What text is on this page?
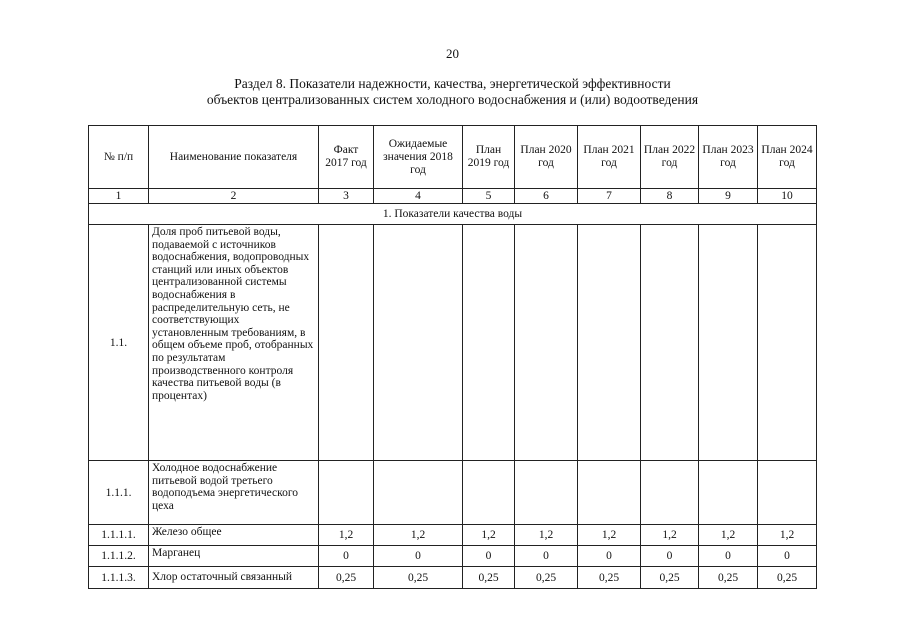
20
Раздел 8. Показатели надежности, качества, энергетической эффективности
объектов централизованных систем холодного водоснабжения и (или) водоотведения
№ п/п	Наименование показателя	Факт 2017 год	Ожидаемые значения 2018 год	План 2019 год	План 2020 год	План 2021 год	План 2022 год	План 2023 год	План 2024 год
1	2	3	4	5	6	7	8	9	10
1. Показатели качества воды									
1.1.	Доля проб питьевой воды, подаваемой с источников водоснабжения, водопроводных станций или иных объектов централизованной системы водоснабжения в распределительную сеть, не соответствующих установленным требованиям, в общем объеме проб, отобранных по результатам производственного контроля качества питьевой воды (в процентах)								
1.1.1.	Холодное водоснабжение питьевой водой третьего водоподъема энергетического цеха								
1.1.1.1.	Железо общее	1,2	1,2	1,2	1,2	1,2	1,2	1,2	1,2
1.1.1.2.	Марганец	0	0	0	0	0	0	0	0
1.1.1.3.	Хлор остаточный связанный	0,25	0,25	0,25	0,25	0,25	0,25	0,25	0,25
